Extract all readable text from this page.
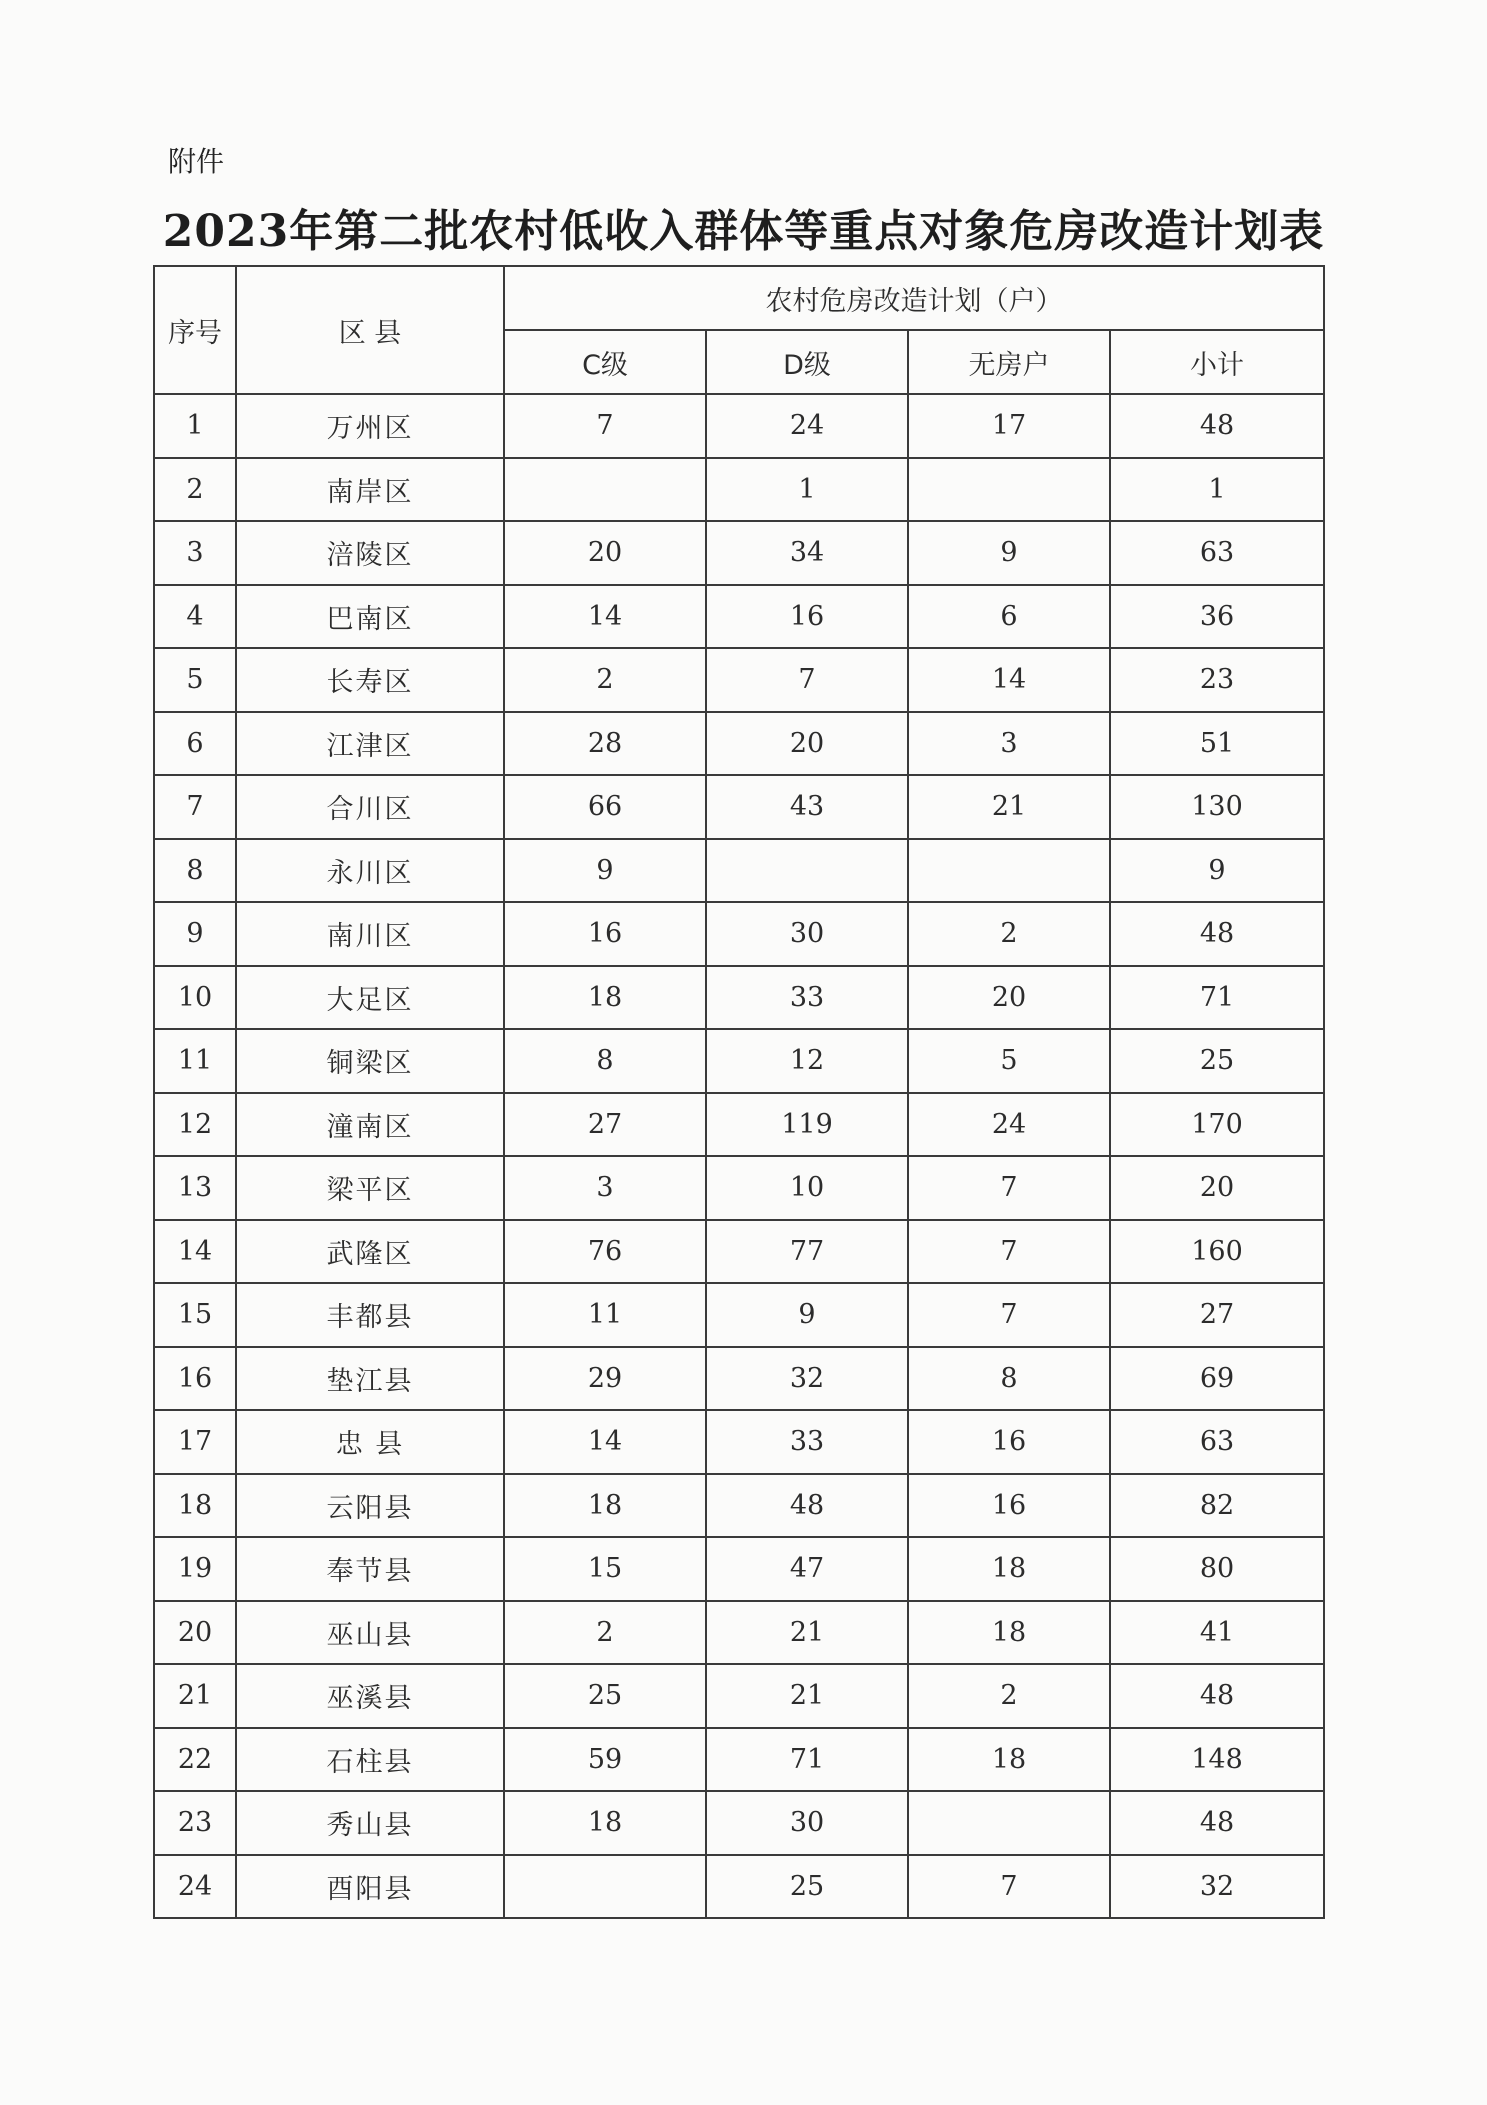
附件
2023年第二批农村低收入群体等重点对象危房改造计划表
序号	区 县	农村危房改造计划（户）			
		C级	D级	无房户	小计
1	万州区	7	24	17	48
2	南岸区		1		1
3	涪陵区	20	34	9	63
4	巴南区	14	16	6	36
5	长寿区	2	7	14	23
6	江津区	28	20	3	51
7	合川区	66	43	21	130
8	永川区	9			9
9	南川区	16	30	2	48
10	大足区	18	33	20	71
11	铜梁区	8	12	5	25
12	潼南区	27	119	24	170
13	梁平区	3	10	7	20
14	武隆区	76	77	7	160
15	丰都县	11	9	7	27
16	垫江县	29	32	8	69
17	忠 县	14	33	16	63
18	云阳县	18	48	16	82
19	奉节县	15	47	18	80
20	巫山县	2	21	18	41
21	巫溪县	25	21	2	48
22	石柱县	59	71	18	148
23	秀山县	18	30		48
24	酉阳县		25	7	32
